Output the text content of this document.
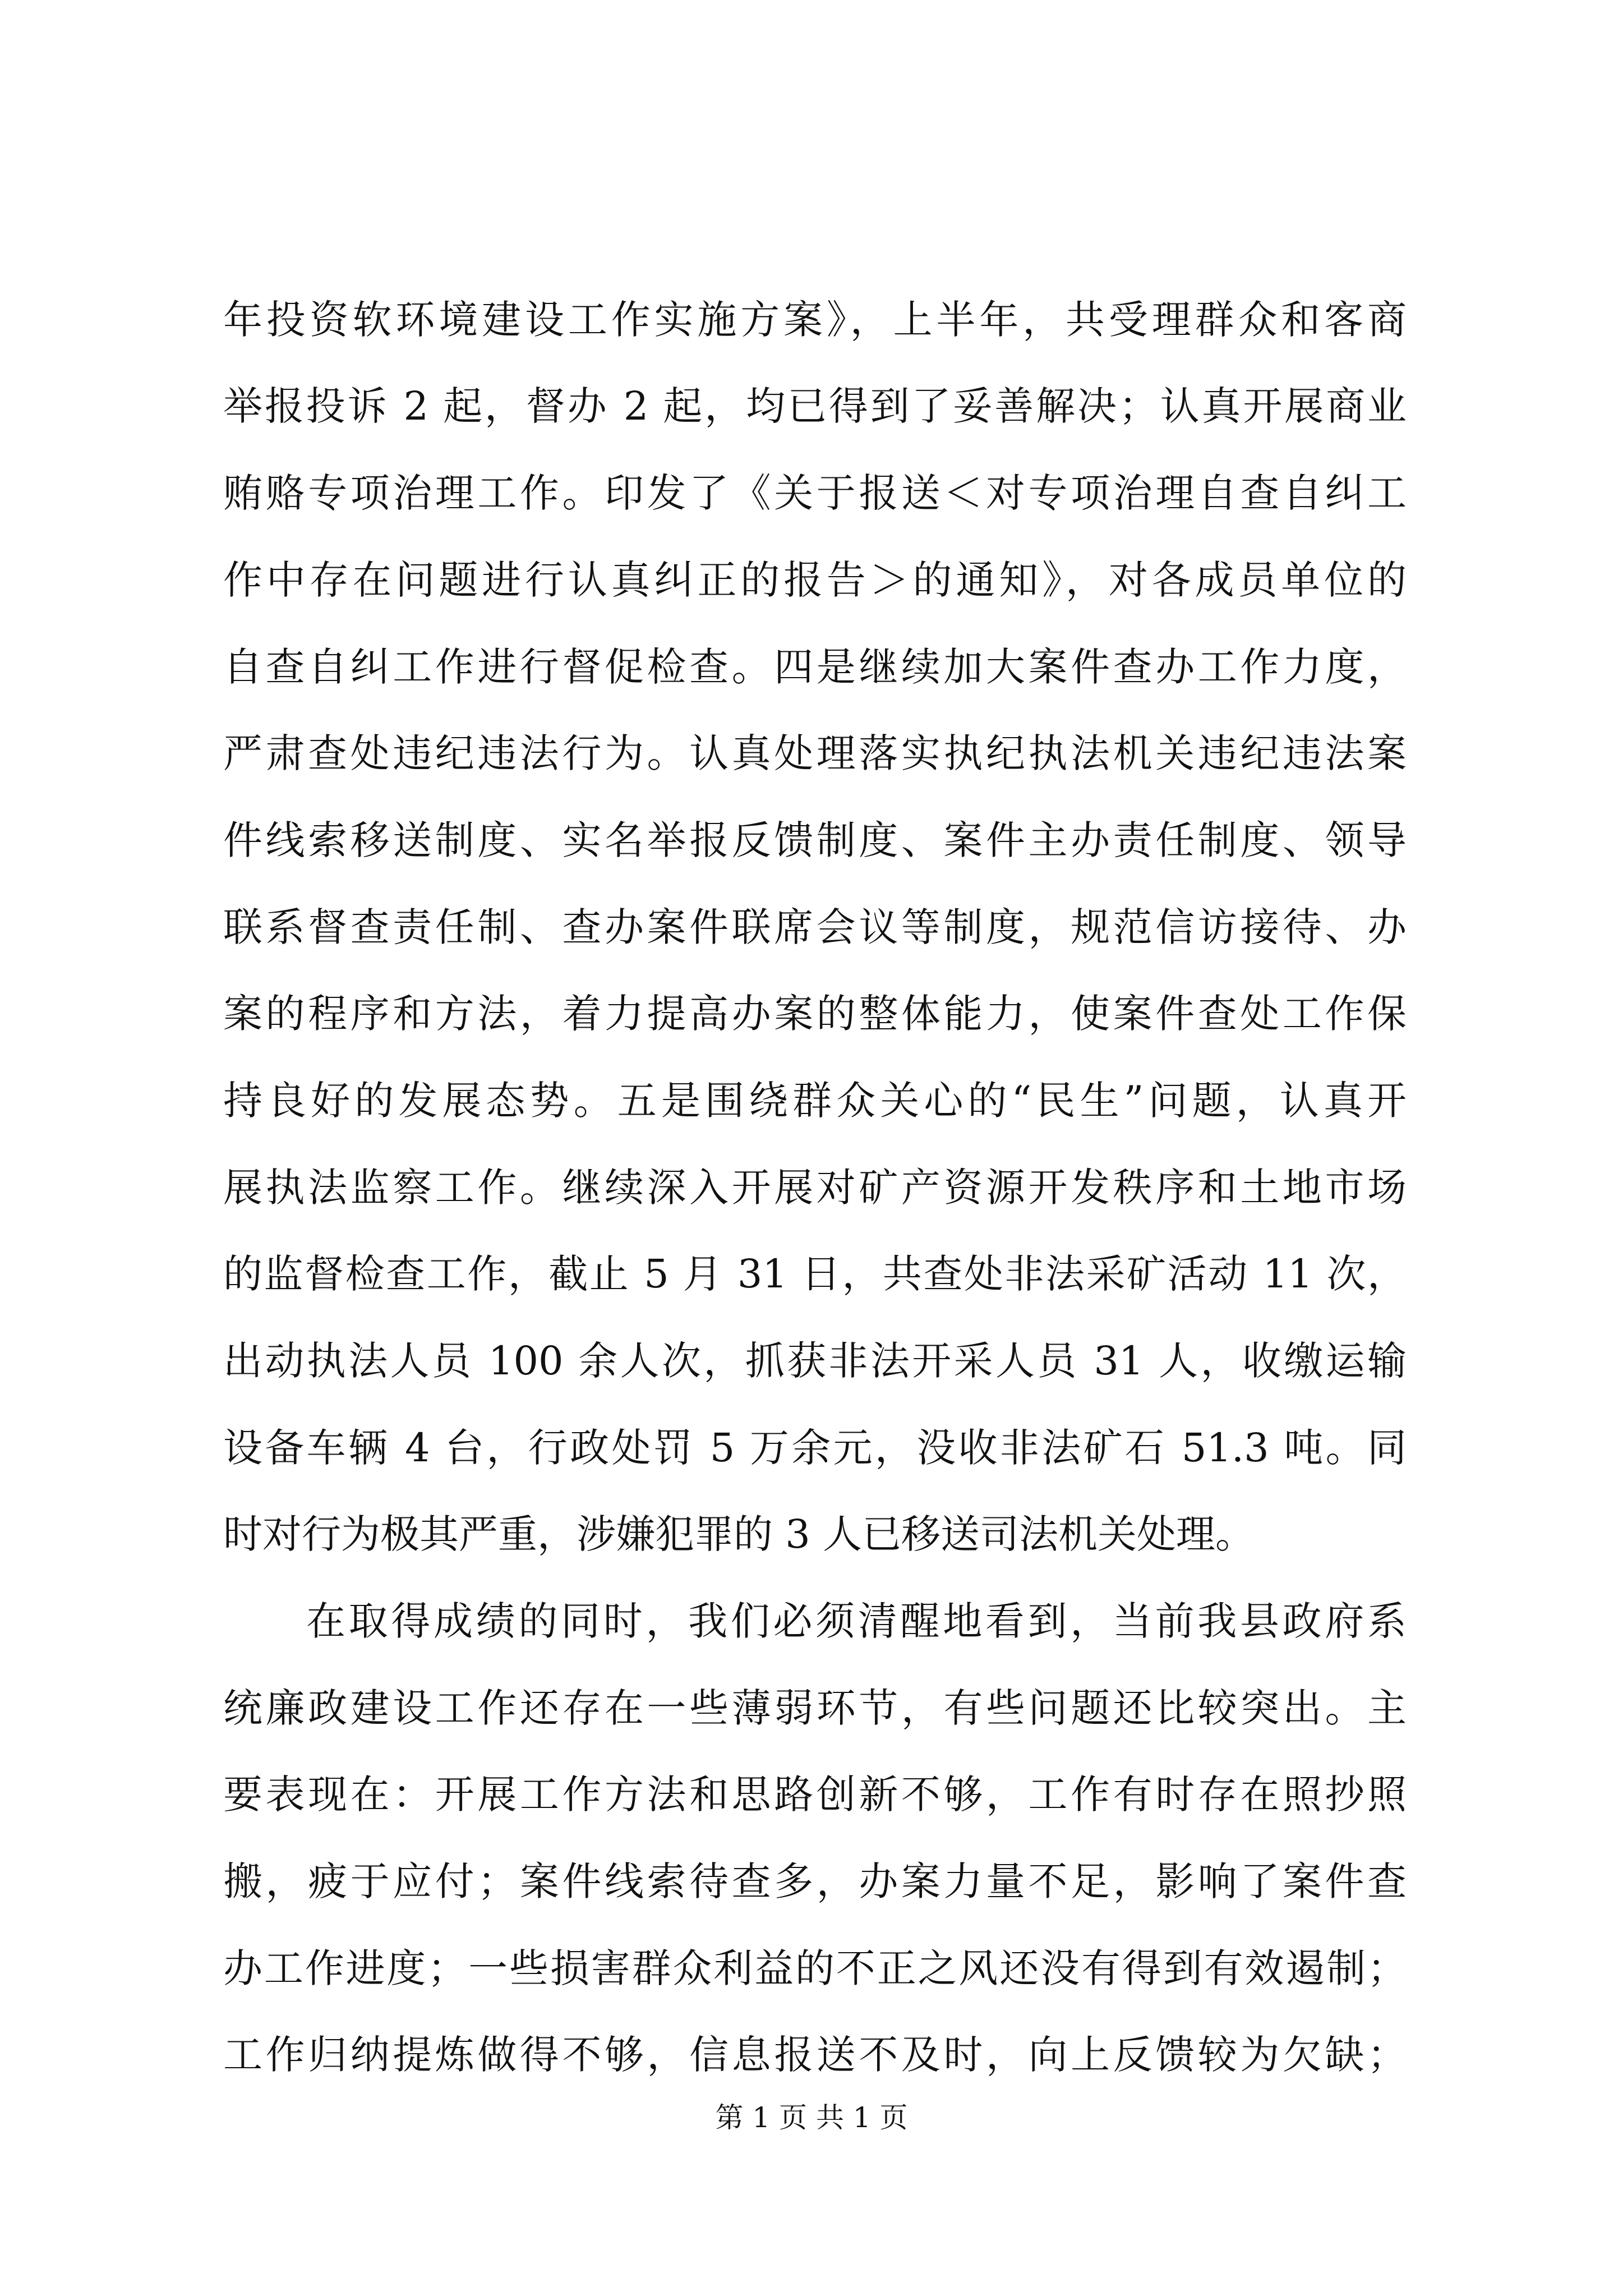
年投资软环境建设工作实施方案》，上半年，共受理群众和客商
举报投诉 2 起，督办 2 起，均已得到了妥善解决；认真开展商业
贿赂专项治理工作。印发了《关于报送＜对专项治理自查自纠工
作中存在问题进行认真纠正的报告＞的通知》，对各成员单位的
自查自纠工作进行督促检查。四是继续加大案件查办工作力度，
严肃查处违纪违法行为。认真处理落实执纪执法机关违纪违法案
件线索移送制度、实名举报反馈制度、案件主办责任制度、领导
联系督查责任制、查办案件联席会议等制度，规范信访接待、办
案的程序和方法，着力提高办案的整体能力，使案件查处工作保
持良好的发展态势。五是围绕群众关心的“民生”问题，认真开
展执法监察工作。继续深入开展对矿产资源开发秩序和土地市场
的监督检查工作，截止 5 月 31 日，共查处非法采矿活动 11 次，
出动执法人员 100 余人次，抓获非法开采人员 31 人，收缴运输
设备车辆 4 台，行政处罚 5 万余元，没收非法矿石 51.3 吨。同
时对行为极其严重，涉嫌犯罪的 3 人已移送司法机关处理。
在取得成绩的同时，我们必须清醒地看到，当前我县政府系
统廉政建设工作还存在一些薄弱环节，有些问题还比较突出。主
要表现在：开展工作方法和思路创新不够，工作有时存在照抄照
搬，疲于应付；案件线索待查多，办案力量不足，影响了案件查
办工作进度；一些损害群众利益的不正之风还没有得到有效遏制；
工作归纳提炼做得不够，信息报送不及时，向上反馈较为欠缺；
第 1 页 共 1 页
